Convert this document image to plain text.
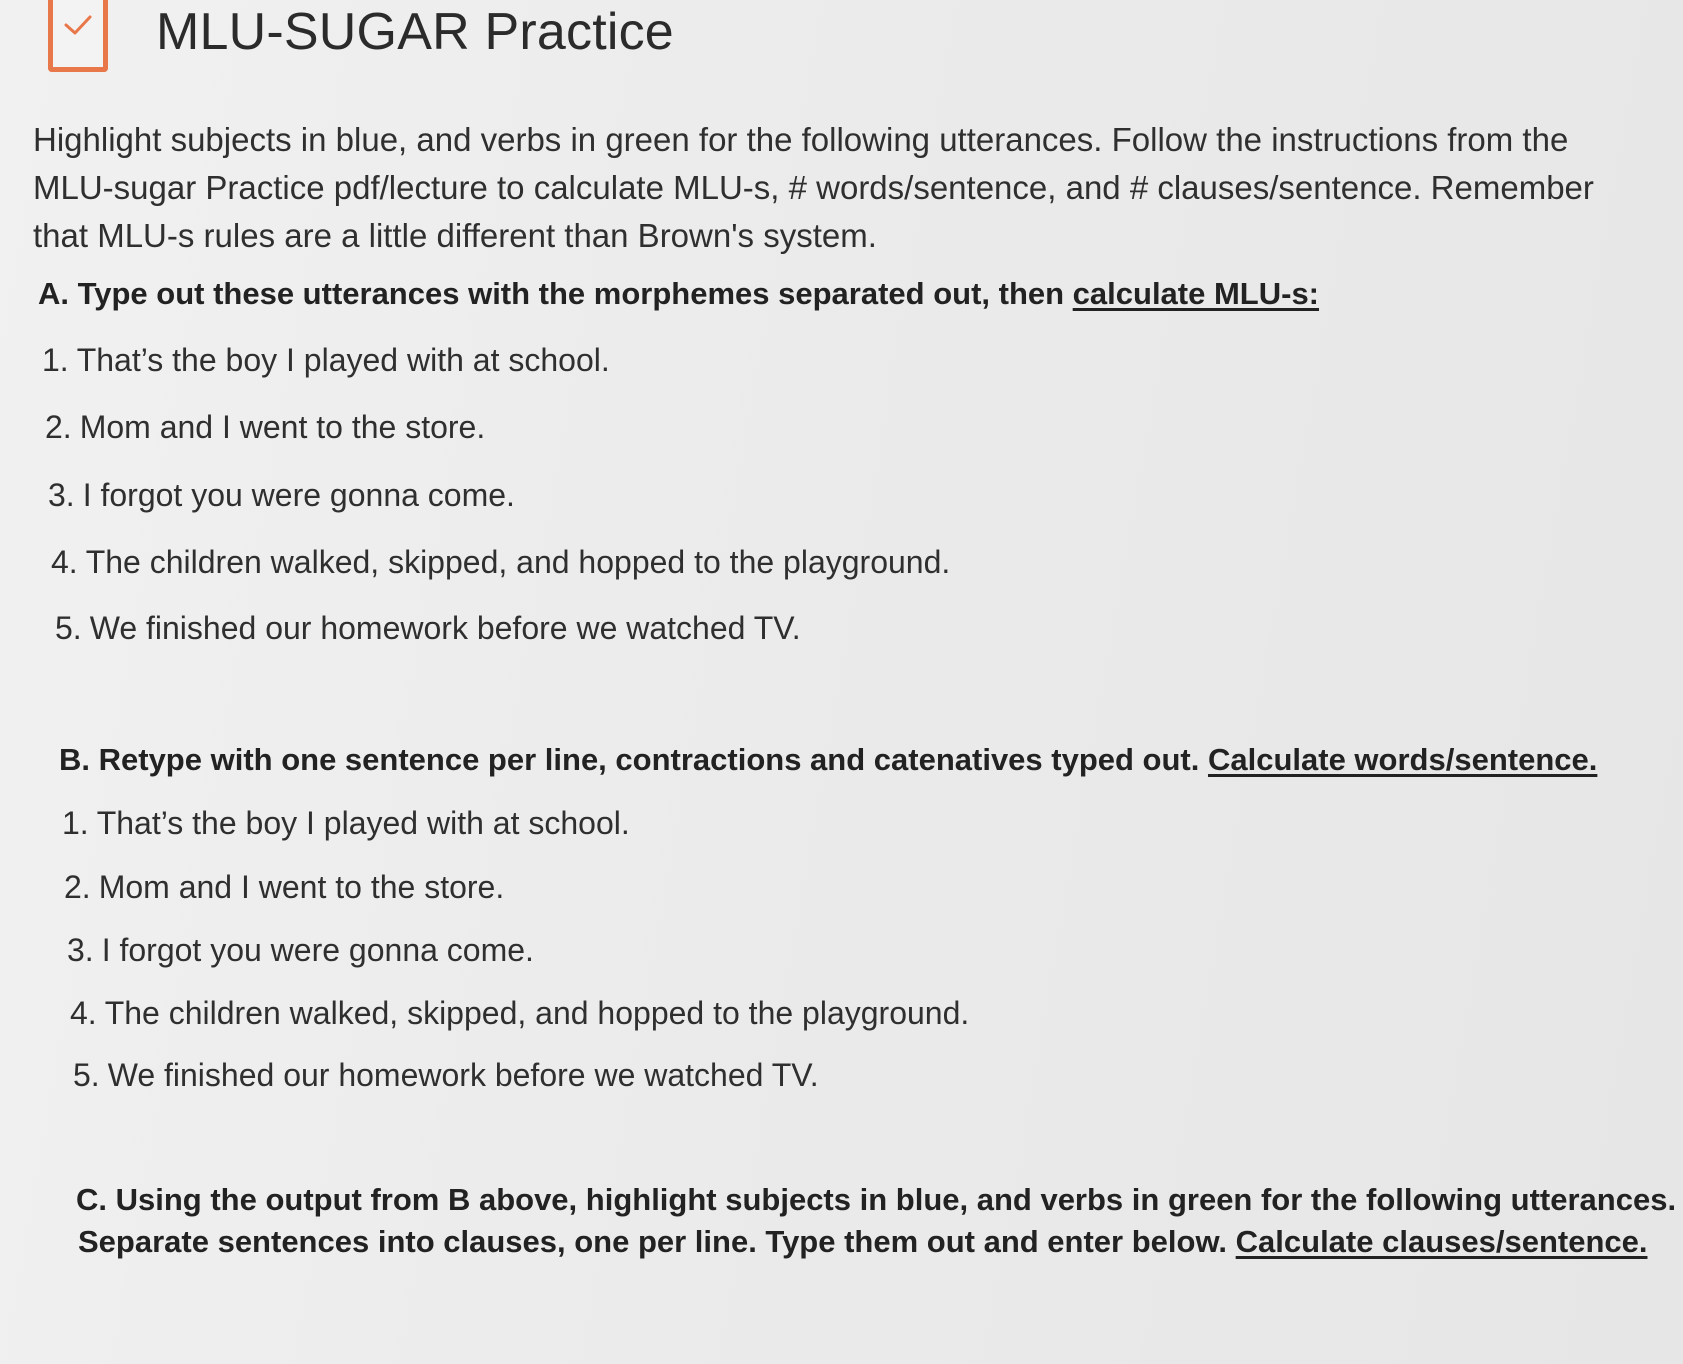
MLU-SUGAR Practice

Highlight subjects in blue, and verbs in green for the following utterances. Follow the instructions from the MLU-sugar Practice pdf/lecture to calculate MLU-s, # words/sentence, and # clauses/sentence. Remember that MLU-s rules are a little different than Brown's system.

A. Type out these utterances with the morphemes separated out, then calculate MLU-s:

1. That’s the boy I played with at school.
2. Mom and I went to the store.
3. I forgot you were gonna come.
4. The children walked, skipped, and hopped to the playground.
5. We finished our homework before we watched TV.

B. Retype with one sentence per line, contractions and catenatives typed out. Calculate words/sentence.

1. That’s the boy I played with at school.
2. Mom and I went to the store.
3. I forgot you were gonna come.
4. The children walked, skipped, and hopped to the playground.
5. We finished our homework before we watched TV.

C. Using the output from B above, highlight subjects in blue, and verbs in green for the following utterances.

Separate sentences into clauses, one per line. Type them out and enter below. Calculate clauses/sentence.
